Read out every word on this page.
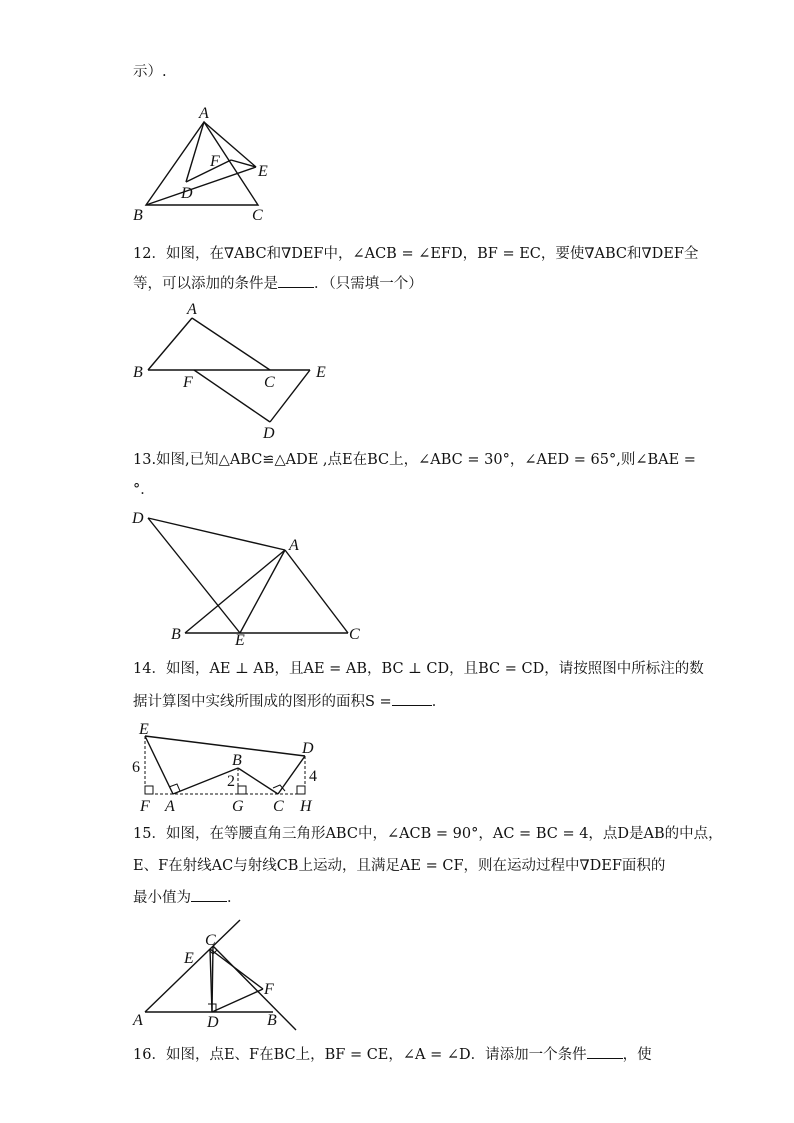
示）.
A
B	C
D
E
F
12．如图，在∇ABC和∇DEF中，∠ACB = ∠EFD，BF = EC，要使∇ABC和∇DEF全
等，可以添加的条件是 ．（只需填一个）
A
B
F	C
E
D
13.如图,已知△ABC≌△ADE ,点E在BC上，∠ABC = 30°，∠AED = 65°,则∠BAE =
°．
D
A
B	E	C
14．如图，AE ⊥ AB，且AE = AB，BC ⊥ CD，且BC = CD，请按照图中所标注的数
据计算图中实线所围成的图形的面积S =	．
E
D
B
6
2	4
F A	G C H
15．如图，在等腰直角三角形ABC中，∠ACB = 90°，AC = BC = 4，点D是AB的中点，
E、F在射线AC与射线CB上运动，且满足AE = CF，则在运动过程中∇DEF面积的
最小值为 ．
C
E
F
A	D	B
16．如图，点E、F在BC上，BF = CE，∠A = ∠D．请添加一个条件 ，使
